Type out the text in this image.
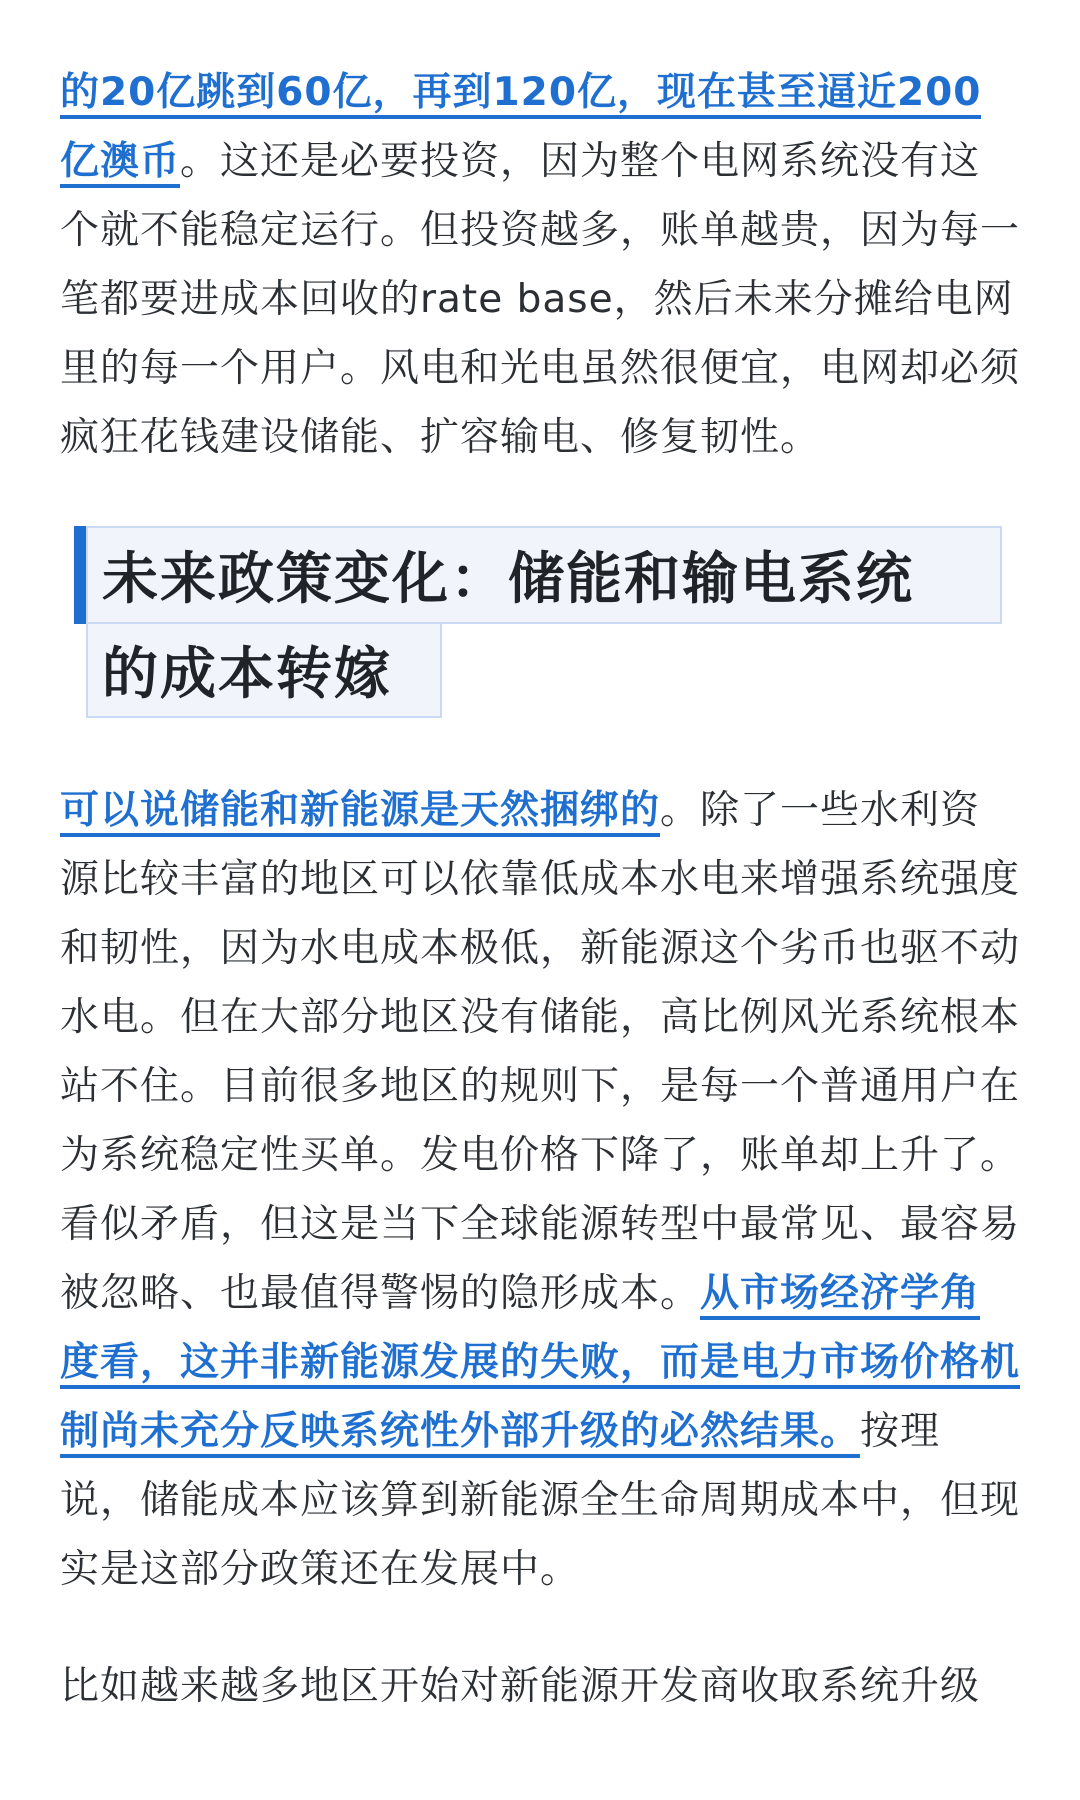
的20亿跳到60亿，再到120亿，现在甚至逼近200亿澳币。这还是必要投资，因为整个电网系统没有这个就不能稳定运行。但投资越多，账单越贵，因为每一笔都要进成本回收的rate base，然后未来分摊给电网里的每一个用户。风电和光电虽然很便宜，电网却必须疯狂花钱建设储能、扩容输电、修复韧性。

未来政策变化：储能和输电系统
的成本转嫁

可以说储能和新能源是天然捆绑的。除了一些水利资源比较丰富的地区可以依靠低成本水电来增强系统强度和韧性，因为水电成本极低，新能源这个劣币也驱不动水电。但在大部分地区没有储能，高比例风光系统根本站不住。目前很多地区的规则下，是每一个普通用户在为系统稳定性买单。发电价格下降了，账单却上升了。看似矛盾，但这是当下全球能源转型中最常见、最容易被忽略、也最值得警惕的隐形成本。从市场经济学角度看，这并非新能源发展的失败，而是电力市场价格机制尚未充分反映系统性外部升级的必然结果。按理说，储能成本应该算到新能源全生命周期成本中，但现实是这部分政策还在发展中。

比如越来越多地区开始对新能源开发商收取系统升级
